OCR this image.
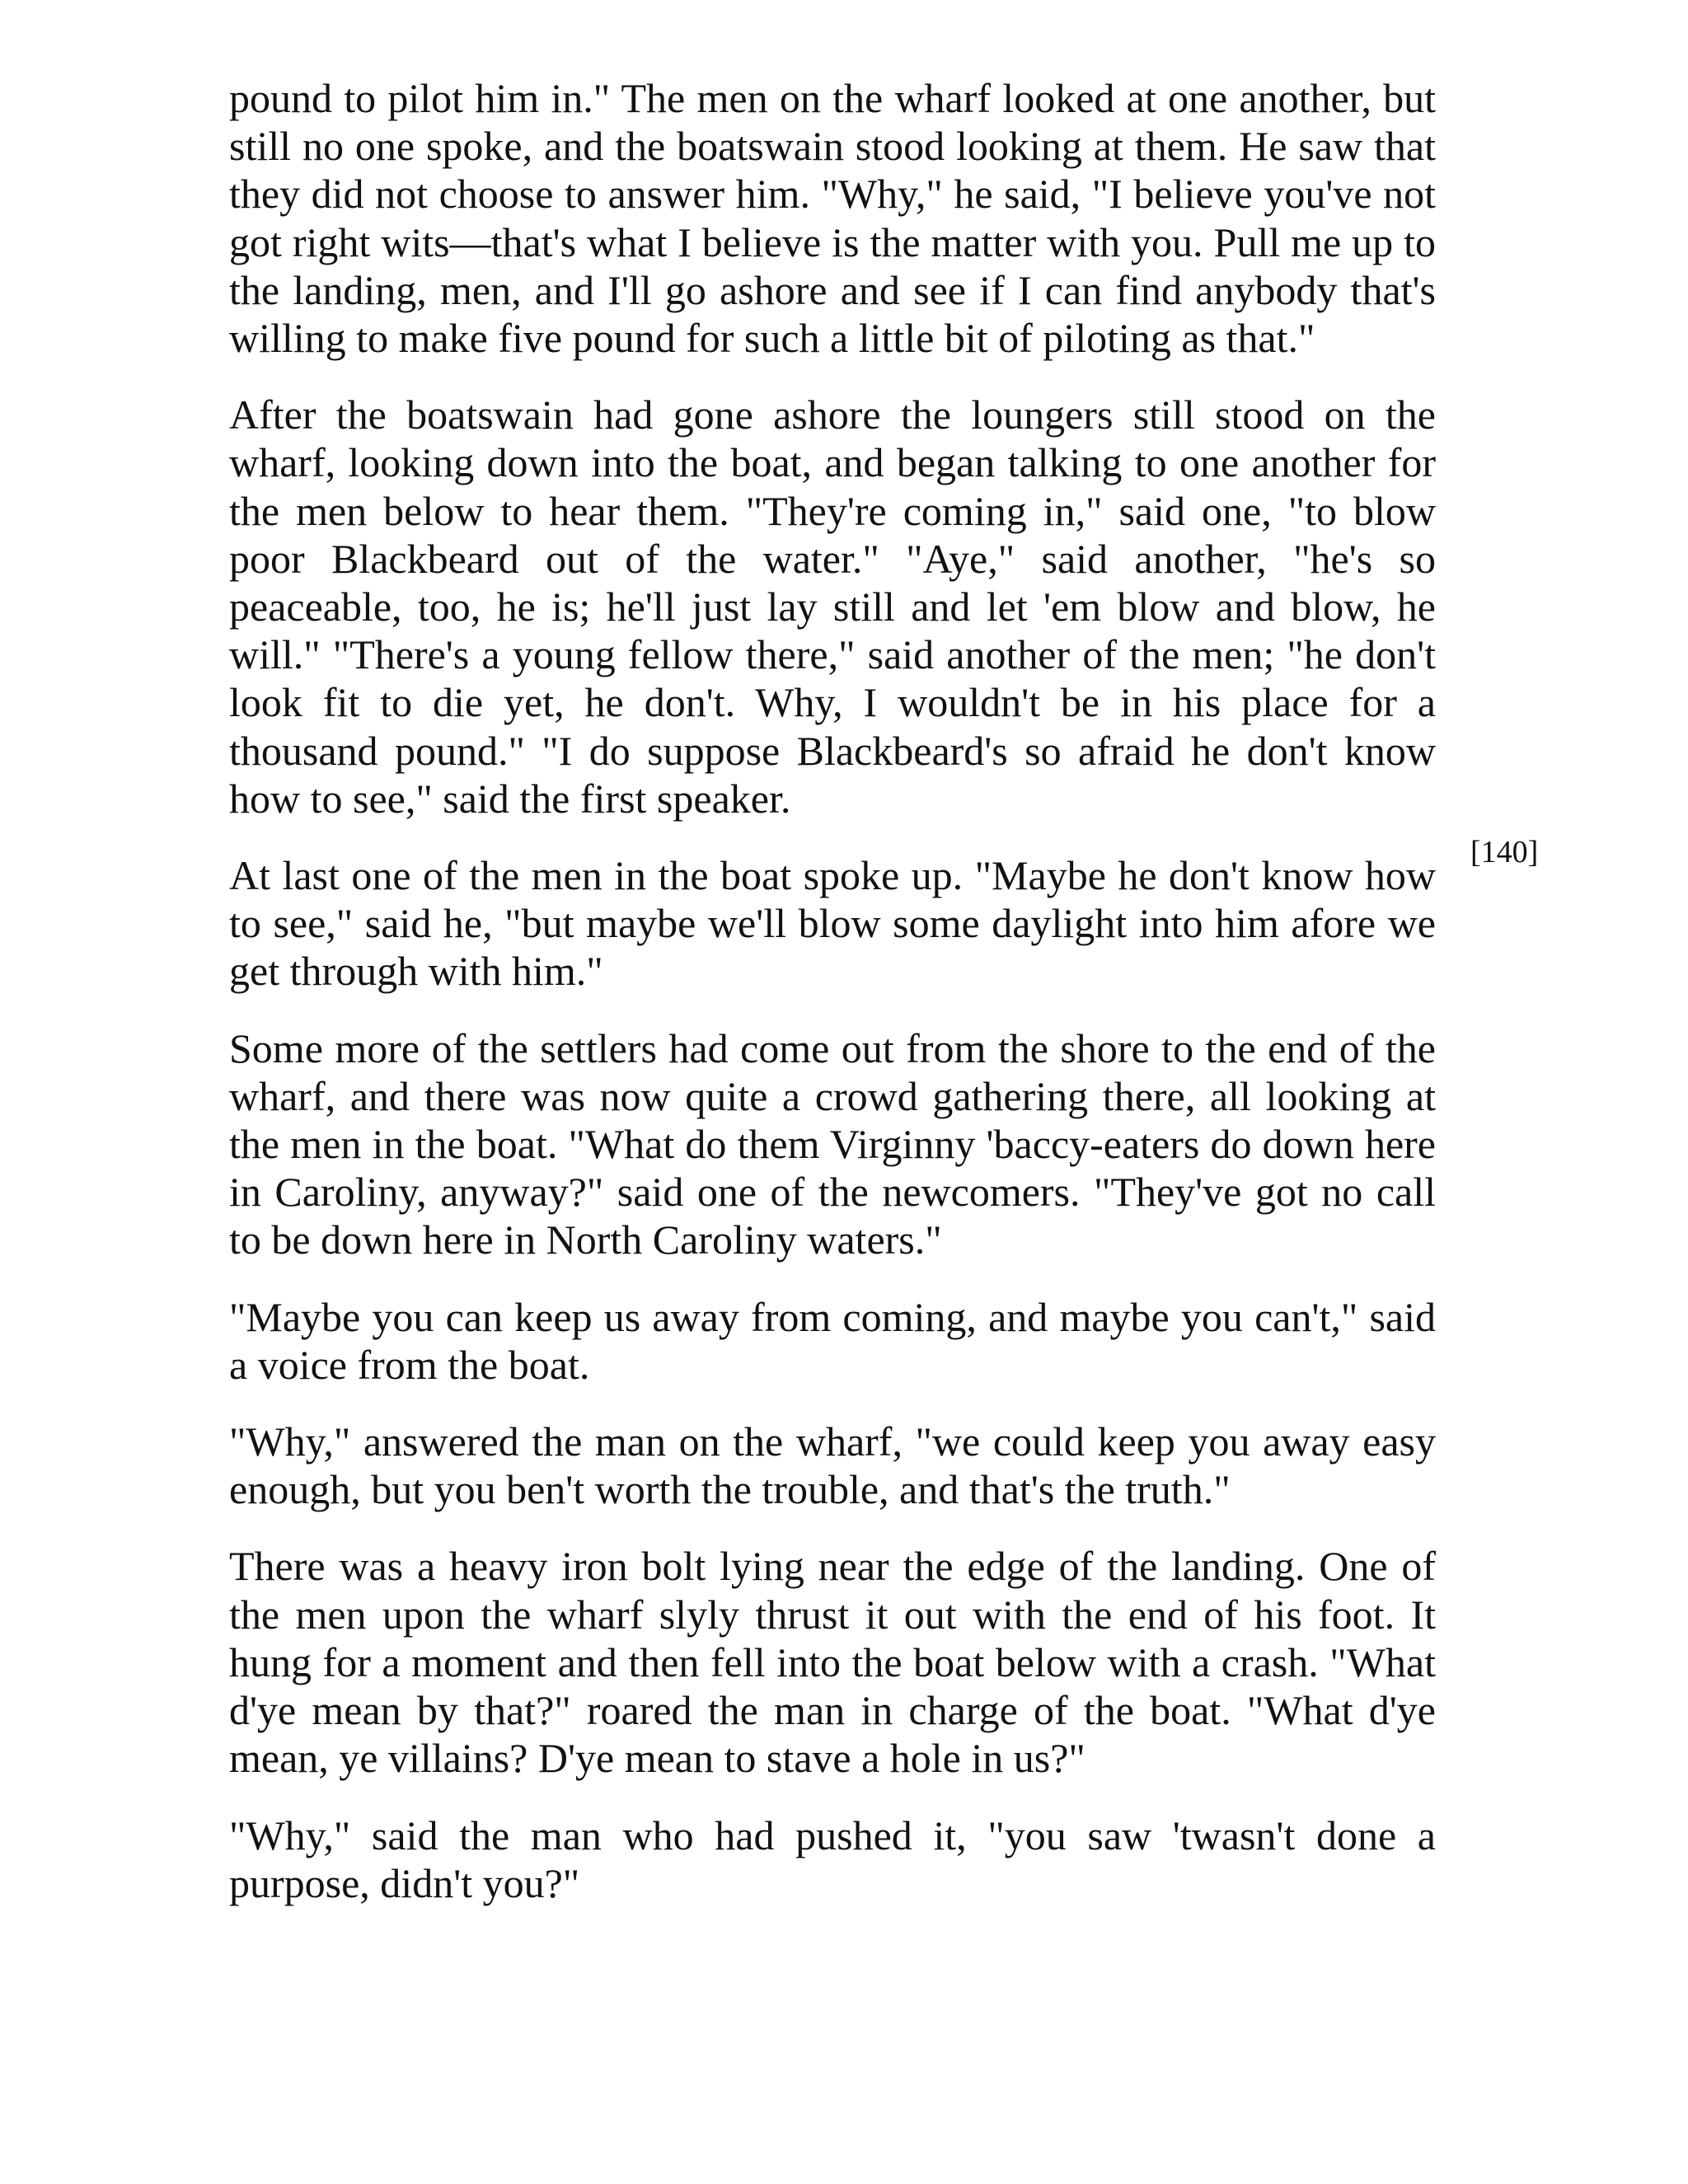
pound to pilot him in." The men on the wharf looked at one another, but still no one spoke, and the boatswain stood looking at them. He saw that they did not choose to answer him. "Why," he said, "I believe you've not got right wits—that's what I believe is the matter with you. Pull me up to the landing, men, and I'll go ashore and see if I can find anybody that's willing to make five pound for such a little bit of piloting as that."

After the boatswain had gone ashore the loungers still stood on the wharf, looking down into the boat, and began talking to one another for the men below to hear them. "They're coming in," said one, "to blow poor Blackbeard out of the water." "Aye," said another, "he's so peaceable, too, he is; he'll just lay still and let 'em blow and blow, he will." "There's a young fellow there," said another of the men; "he don't look fit to die yet, he don't. Why, I wouldn't be in his place for a thousand pound." "I do suppose Blackbeard's so afraid he don't know how to see," said the first speaker.

At last one of the men in the boat spoke up. "Maybe he don't know how to see," said he, "but maybe we'll blow some daylight into him afore we get through with him."

Some more of the settlers had come out from the shore to the end of the wharf, and there was now quite a crowd gathering there, all looking at the men in the boat. "What do them Virginny 'baccy-eaters do down here in Caroliny, anyway?" said one of the newcomers. "They've got no call to be down here in North Caroliny waters."

"Maybe you can keep us away from coming, and maybe you can't," said a voice from the boat.

"Why," answered the man on the wharf, "we could keep you away easy enough, but you ben't worth the trouble, and that's the truth."

There was a heavy iron bolt lying near the edge of the landing. One of the men upon the wharf slyly thrust it out with the end of his foot. It hung for a moment and then fell into the boat below with a crash. "What d'ye mean by that?" roared the man in charge of the boat. "What d'ye mean, ye villains? D'ye mean to stave a hole in us?"

"Why," said the man who had pushed it, "you saw 'twasn't done a purpose, didn't you?"

[140]
